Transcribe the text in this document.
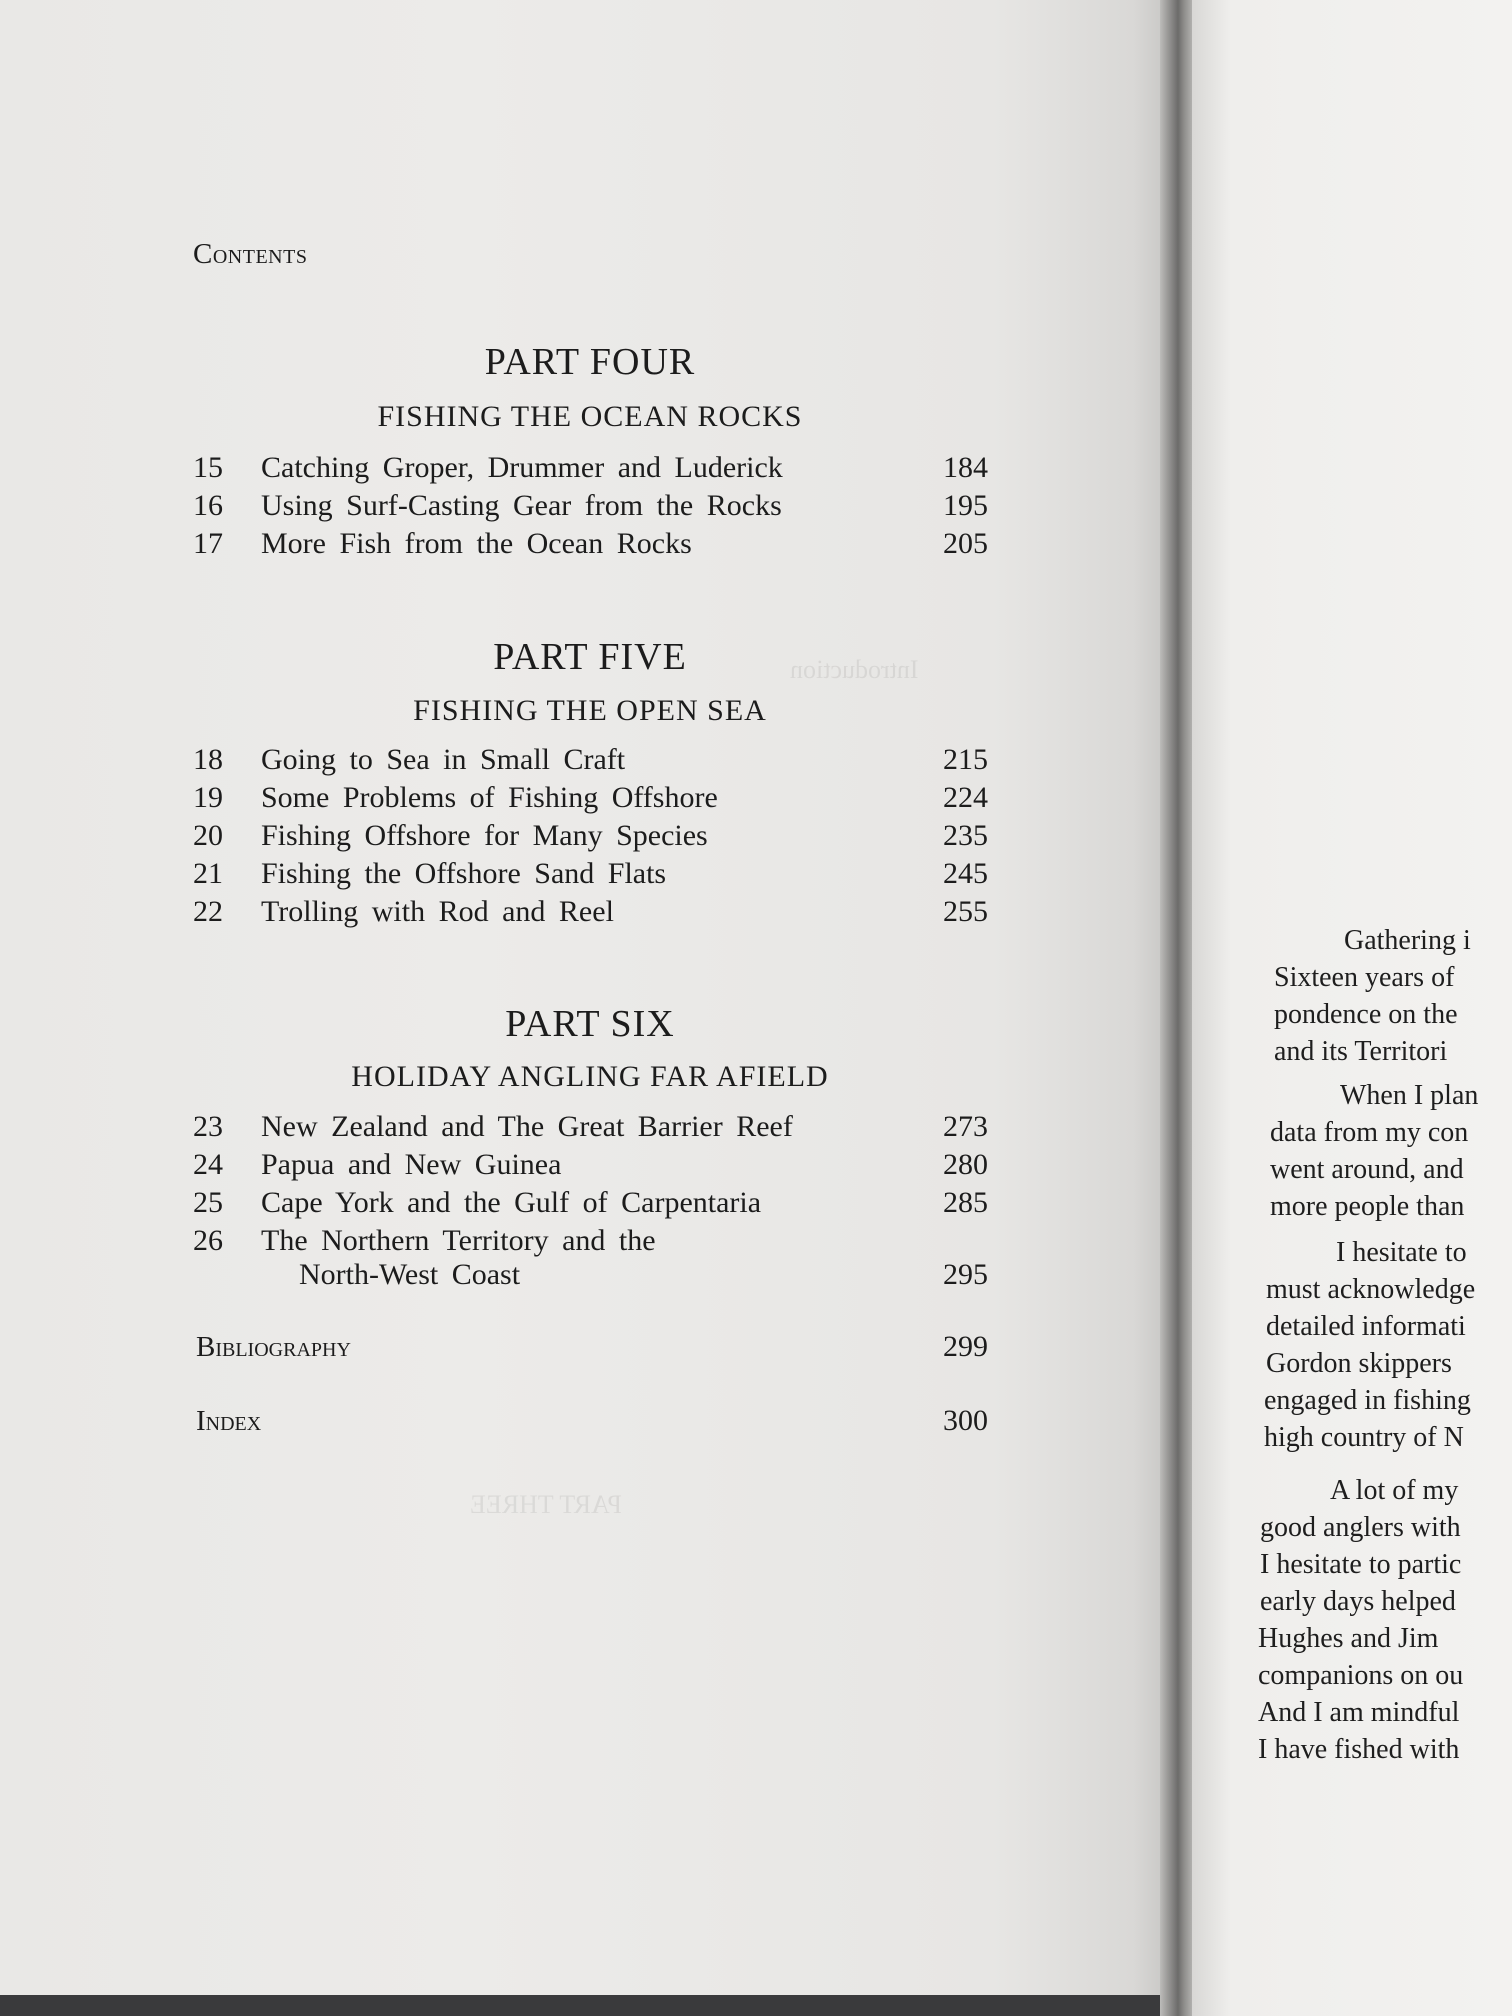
Introduction
PART THREE
Contents
PART FOUR
FISHING THE OCEAN ROCKS
15 Catching Groper, Drummer and Luderick	184
16 Using Surf-Casting Gear from the Rocks	195
17 More Fish from the Ocean Rocks	205
PART FIVE
FISHING THE OPEN SEA
18 Going to Sea in Small Craft	215
19 Some Problems of Fishing Offshore	224
20 Fishing Offshore for Many Species	235
21 Fishing the Offshore Sand Flats	245
22 Trolling with Rod and Reel	255
PART SIX
HOLIDAY ANGLING FAR AFIELD
23 New Zealand and The Great Barrier Reef	273
24 Papua and New Guinea	280
25 Cape York and the Gulf of Carpentaria	285
26 The Northern Territory and the
North-West Coast	295
Bibliography	299
Index	300
Gathering i
Sixteen years of
pondence on the
and its Territori
When I plan
data from my con
went around, and
more people than
I hesitate to
must acknowledge
detailed informati
Gordon skippers
engaged in fishing
high country of N
A lot of my
good anglers with
I hesitate to partic
early days helped
Hughes and Jim
companions on ou
And I am mindful
I have fished with
